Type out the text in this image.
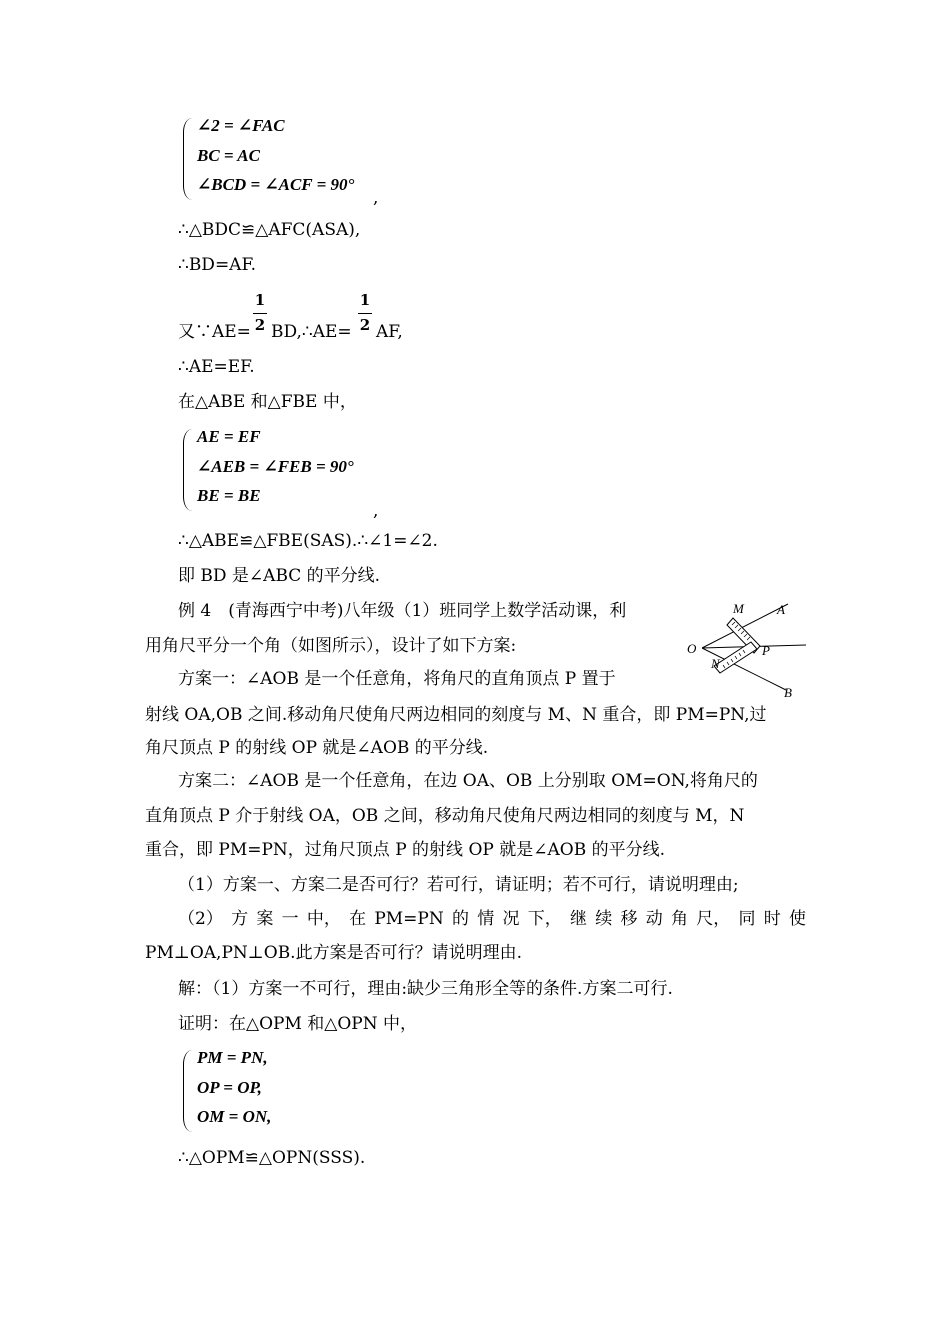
∠2 = ∠FAC
BC = AC
∠BCD = ∠ACF = 90°
,
∴△BDC≌△AFC(ASA),
∴BD=AF.
又∵AE=
1
2 BD,∴AE=
1
2 AF,
∴AE=EF.
在△ABE 和△FBE 中，
AE = EF
∠AEB = ∠FEB = 90°
BE = BE
,
∴△ABE≌△FBE(SAS).∴∠1=∠2.
即 BD 是∠ABC 的平分线.
例 4　(青海西宁中考)八年级（1）班同学上数学活动课，利
用角尺平分一个角（如图所示），设计了如下方案:
方案一：∠AOB 是一个任意角，将角尺的直角顶点 P 置于
射线 OA,OB 之间.移动角尺使角尺两边相同的刻度与 M、N 重合，即 PM=PN,过
角尺顶点 P 的射线 OP 就是∠AOB 的平分线.
方案二：∠AOB 是一个任意角，在边 OA、OB 上分别取 OM=ON,将角尺的
直角顶点 P 介于射线 OA，OB 之间，移动角尺使角尺两边相同的刻度与 M，N
重合，即 PM=PN，过角尺顶点 P 的射线 OP 就是∠AOB 的平分线.
（1）方案一、方案二是否可行？若可行，请证明；若不可行，请说明理由;
（2） 方 案 一 中， 在 PM=PN 的 情 况 下， 继 续 移 动 角 尺， 同 时 使
PM⊥OA,PN⊥OB.此方案是否可行？请说明理由.
解：（1）方案一不可行，理由:缺少三角形全等的条件.方案二可行.
证明：在△OPM 和△OPN 中，
PM = PN,
OP = OP,
OM = ON,
∴△OPM≌△OPN(SSS).
M	A
O	P
N
B
